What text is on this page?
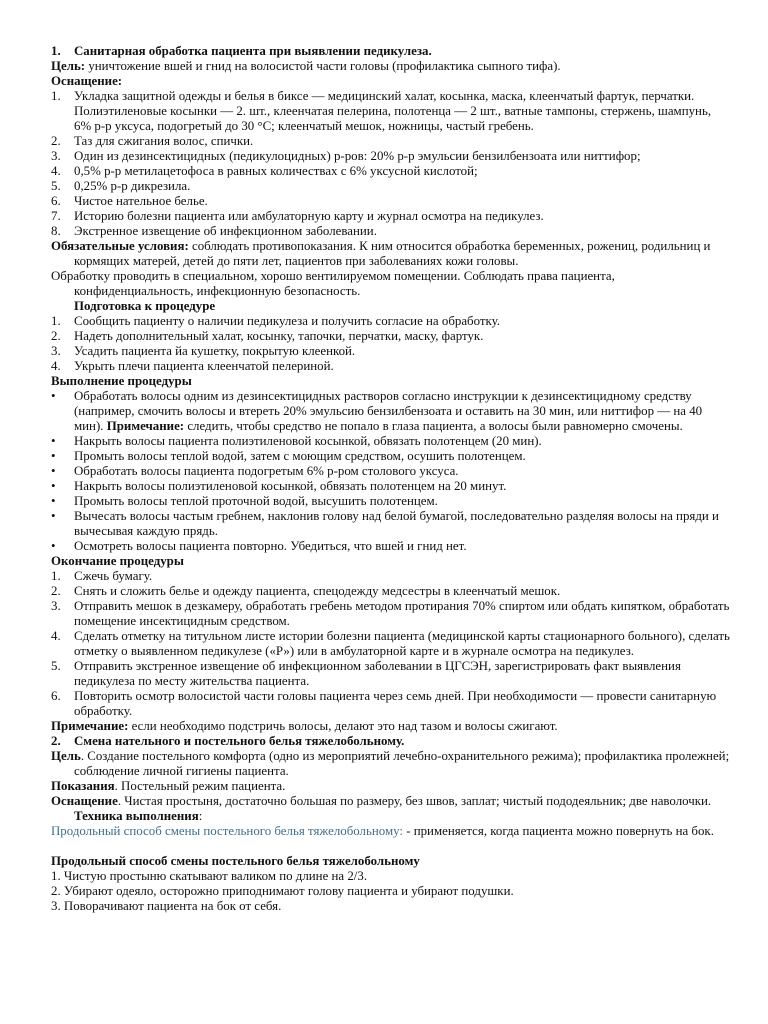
1. Санитарная обработка пациента при выявлении педикулеза.

Цель: уничтожение вшей и гнид на волосистой части головы (профилактика сыпного тифа).

Оснащение:

1. Укладка защитной одежды и белья в биксе — медицинский халат, косынка, маска, клеенчатый фартук, перчатки. Полиэтиленовые косынки — 2. шт., клеенчатая пелерина, полотенца — 2 шт., ватные тампоны, стержень, шампунь, 6% р-р уксуса, подогретый до 30 °С; клеенчатый мешок, ножницы, частый гребень.

2. Таз для сжигания волос, спички.

3. Один из дезинсектицидных (педикулоцидных) р-ров: 20% р-р эмульсии бензилбензоата или ниттифор;

4. 0,5% р-р метилацетофоса в равных количествах с 6% уксусной кислотой;

5. 0,25% р-р дикрезила.

6. Чистое нательное белье.

7. Историю болезни пациента или амбулаторную карту и журнал осмотра на педикулез.

8. Экстренное извещение об инфекционном заболевании.

Обязательные условия: соблюдать противопоказания. К ним относится обработка беременных, рожениц, родильниц и кормящих матерей, детей до пяти лет, пациентов при заболеваниях кожи головы.

Обработку проводить в специальном, хорошо вентилируемом помещении. Соблюдать права пациента, конфиденциальность, инфекционную безопасность.

Подготовка к процедуре

1. Сообщить пациенту о наличии педикулеза и получить согласие на обработку.

2. Надеть дополнительный халат, косынку, тапочки, перчатки, маску, фартук.

3. Усадить пациента йа кушетку, покрытую клеенкой.

4. Укрыть плечи пациента клеенчатой пелериной.

Выполнение процедуры

• Обработать волосы одним из дезинсектицидных растворов согласно инструкции к дезинсектицидному средству (например, смочить волосы и втереть 20% эмульсию бензилбензоата и оставить на 30 мин, или ниттифор — на 40 мин). Примечание: следить, чтобы средство не попало в глаза пациента, а волосы были равномерно смочены.

• Накрыть волосы пациента полиэтиленовой косынкой, обвязать полотенцем (20 мин).

• Промыть волосы теплой водой, затем с моющим средством, осушить полотенцем.

• Обработать волосы пациента подогретым 6% р-ром столового уксуса.

• Накрыть волосы полиэтиленовой косынкой, обвязать полотенцем на 20 минут.

• Промыть волосы теплой проточной водой, высушить полотенцем.

• Вычесать волосы частым гребнем, наклонив голову над белой бумагой, последовательно разделяя волосы на пряди и вычесывая каждую прядь.

• Осмотреть волосы пациента повторно. Убедиться, что вшей и гнид нет.

Окончание процедуры

1. Сжечь бумагу.

2. Снять и сложить белье и одежду пациента, спецодежду медсестры в клеенчатый мешок.

3. Отправить мешок в дезкамеру, обработать гребень методом протирания 70% спиртом или обдать кипятком, обработать помещение инсектицидным средством.

4. Сделать отметку на титульном листе истории болезни пациента (медицинской карты стационарного больного), сделать отметку о выявленном педикулезе («Р») или в амбулаторной карте и в журнале осмотра на педикулез.

5. Отправить экстренное извещение об инфекционном заболевании в ЦГСЭН, зарегистрировать факт выявления педикулеза по месту жительства пациента.

6. Повторить осмотр волосистой части головы пациента через семь дней. При необходимости — провести санитарную обработку.

Примечание: если необходимо подстричь волосы, делают это над тазом и волосы сжигают.

2. Смена нательного и постельного белья тяжелобольному.

Цель. Создание постельного комфорта (одно из мероприятий лечебно-охранительного режима); профилактика пролежней; соблюдение личной гигиены пациента.

Показания. Постельный режим пациента.

Оснащение. Чистая простыня, достаточно большая по размеру, без швов, заплат; чистый пододеяльник; две наволочки.

Техника выполнения:

Продольный способ смены постельного белья тяжелобольному: - применяется, когда пациента можно повернуть на бок.

Продольный способ смены постельного белья тяжелобольному

1. Чистую простыню скатывают валиком по длине на 2/3.

2. Убирают одеяло, осторожно приподнимают голову пациента и убирают подушки.

3. Поворачивают пациента на бок от себя.
